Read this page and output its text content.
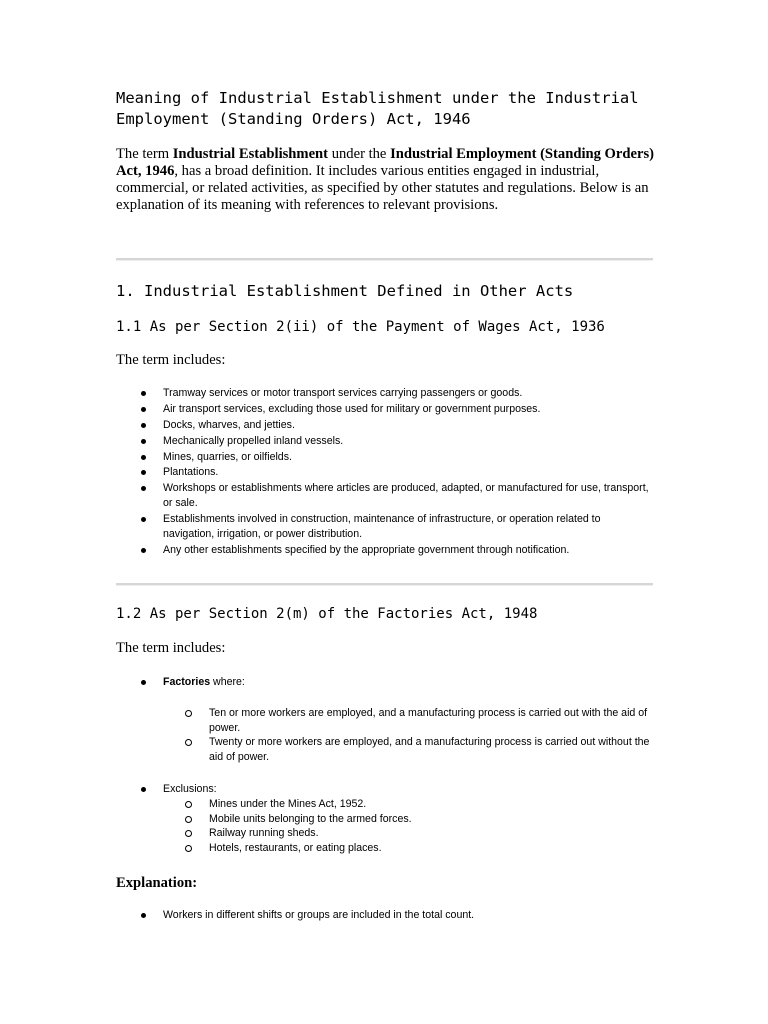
Meaning of Industrial Establishment under the Industrial
Employment (Standing Orders) Act, 1946

The term Industrial Establishment under the Industrial Employment (Standing Orders) Act, 1946, has a broad definition. It includes various entities engaged in industrial, commercial, or related activities, as specified by other statutes and regulations. Below is an explanation of its meaning with references to relevant provisions.

1. Industrial Establishment Defined in Other Acts
1.1 As per Section 2(ii) of the Payment of Wages Act, 1936

The term includes:

Tramway services or motor transport services carrying passengers or goods.
Air transport services, excluding those used for military or government purposes.
Docks, wharves, and jetties.
Mechanically propelled inland vessels.
Mines, quarries, or oilfields.
Plantations.
Workshops or establishments where articles are produced, adapted, or manufactured for use, transport, or sale.
Establishments involved in construction, maintenance of infrastructure, or operation related to navigation, irrigation, or power distribution.
Any other establishments specified by the appropriate government through notification.
1.2 As per Section 2(m) of the Factories Act, 1948

The term includes:

Factories where:
Ten or more workers are employed, and a manufacturing process is carried out with the aid of power.
Twenty or more workers are employed, and a manufacturing process is carried out without the aid of power.
Exclusions:
Mines under the Mines Act, 1952.
Mobile units belonging to the armed forces.
Railway running sheds.
Hotels, restaurants, or eating places.

Explanation:

Workers in different shifts or groups are included in the total count.
